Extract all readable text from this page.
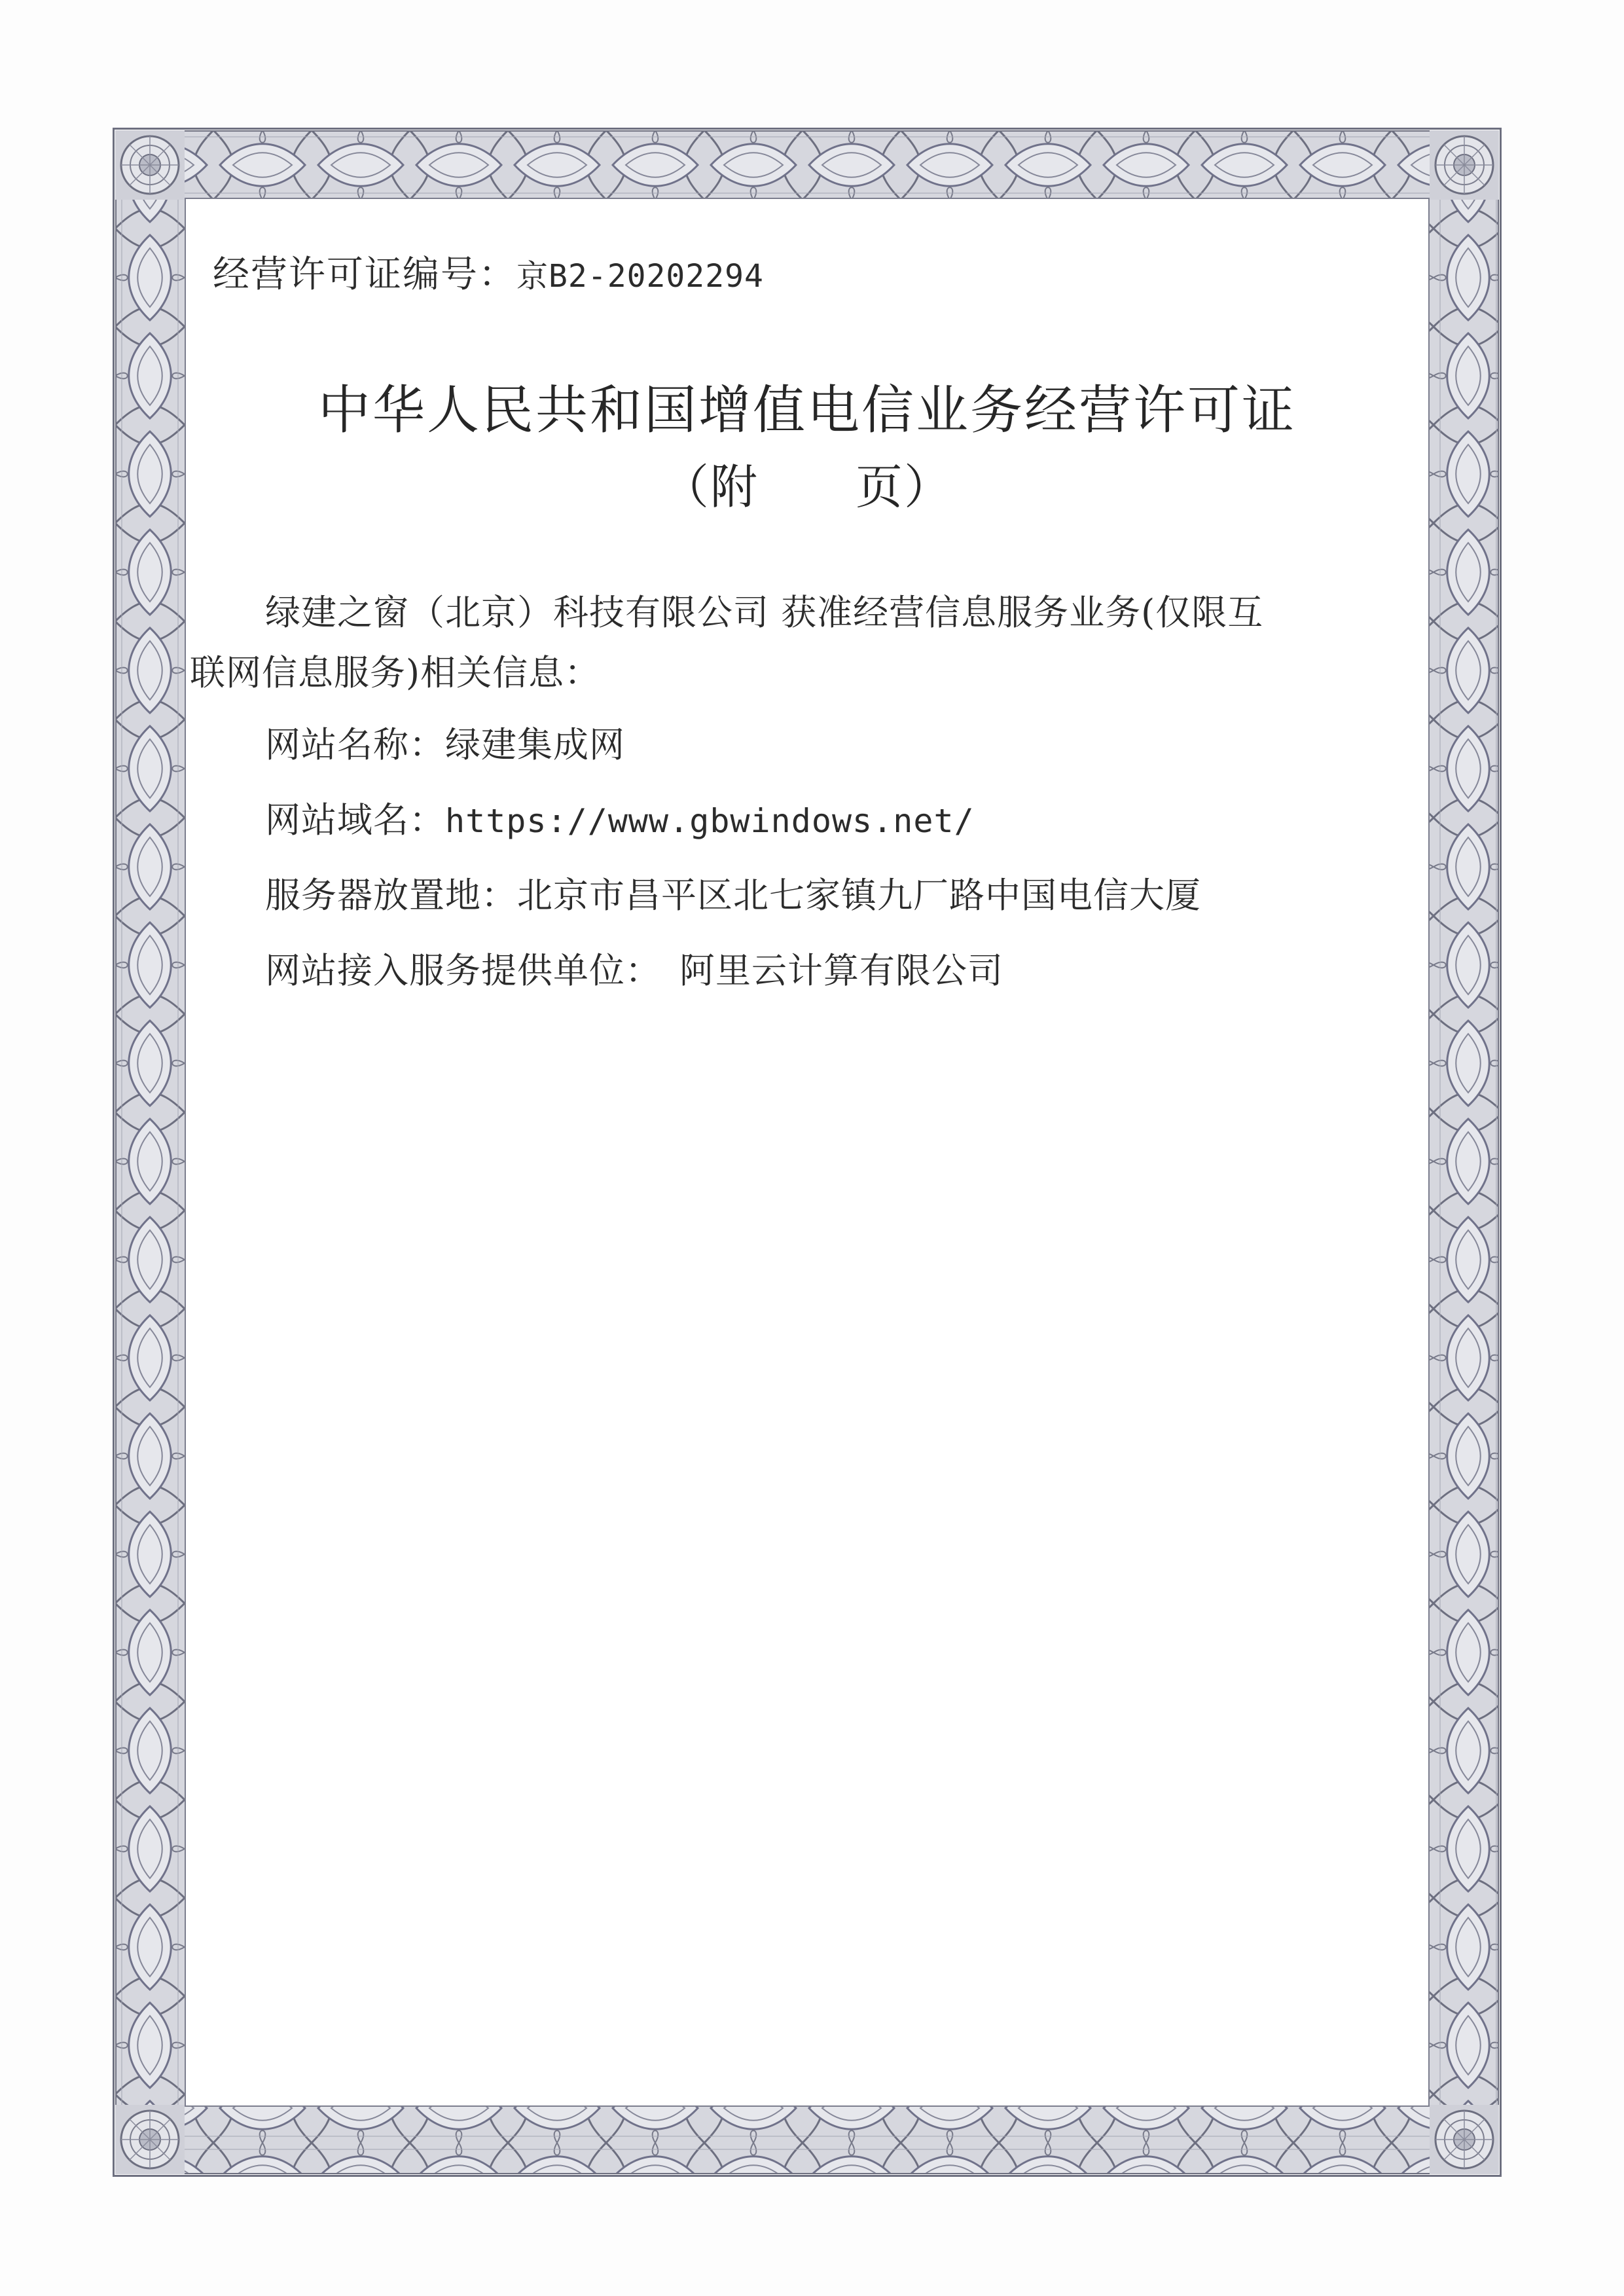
经营许可证编号：京B2-20202294
中华人民共和国增值电信业务经营许可证
（附　　页）
绿建之窗（北京）科技有限公司 获准经营信息服务业务(仅限互
联网信息服务)相关信息：
网站名称：绿建集成网
网站域名：https://www.gbwindows.net/
服务器放置地：北京市昌平区北七家镇九厂路中国电信大厦
网站接入服务提供单位：　阿里云计算有限公司
